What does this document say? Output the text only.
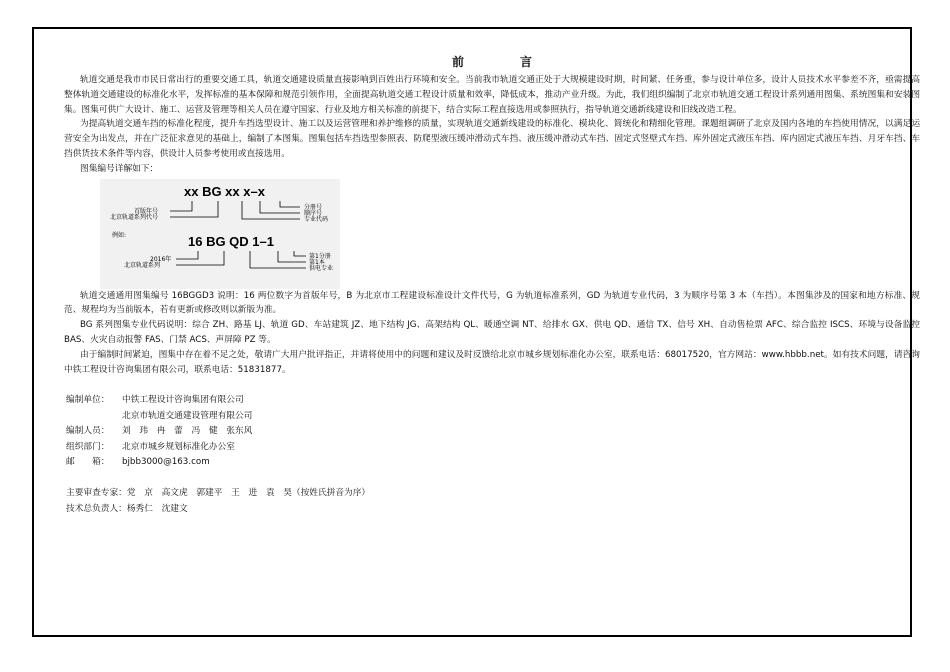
前　言

轨道交通是我市市民日常出行的重要交通工具，轨道交通建设质量直接影响到百姓出行环境和安全。当前我市轨道交通正处于大规模建设时期，时间紧、任务重，参与设计单位多，设计人员技术水平参差不齐，亟需提高整体轨道交通建设的标准化水平，发挥标准的基本保障和规范引领作用，全面提高轨道交通工程设计质量和效率，降低成本，推动产业升级。为此，我们组织编制了北京市轨道交通工程设计系列通用图集、系统图集和安装图集。图集可供广大设计、施工、运营及管理等相关人员在遵守国家、行业及地方相关标准的前提下，结合实际工程直接选用或参照执行，指导轨道交通新线建设和旧线改造工程。

为提高轨道交通车挡的标准化程度，提升车挡选型设计、施工以及运营管理和养护维修的质量，实现轨道交通新线建设的标准化、模块化、简统化和精细化管理。课题组调研了北京及国内各地的车挡使用情况，以满足运营安全为出发点，并在广泛征求意见的基础上，编制了本图集。图集包括车挡选型参照表、防爬型液压缓冲滑动式车挡、液压缓冲滑动式车挡、固定式竖壁式车挡、库外固定式液压车挡、库内固定式液压车挡、月牙车挡、车挡供货技术条件等内容，供设计人员参考使用或直接选用。

图集编号详解如下：

xx BG xx x–x
首版年号
北京轨道系列代号
分册号
顺序号
专业代码
例如:	16 BG QD 1–1
2016年
北京轨道系列
第1分册
第1本
供电专业

轨道交通通用图集编号 16BGGD3 说明：16 两位数字为首版年号，B 为北京市工程建设标准设计文件代号，G 为轨道标准系列，GD 为轨道专业代码，3 为顺序号第 3 本（车挡）。本图集涉及的国家和地方标准、规范、规程均为当前版本，若有更新或修改则以新版为准。

BG 系列图集专业代码说明：综合 ZH、路基 LJ、轨道 GD、车站建筑 JZ、地下结构 JG、高架结构 QL、暖通空调 NT、给排水 GX、供电 QD、通信 TX、信号 XH、自动售检票 AFC、综合监控 ISCS、环境与设备监控 BAS、火灾自动报警 FAS、门禁 ACS、声屏障 PZ 等。

由于编制时间紧迫，图集中存在着不足之处，敬请广大用户批评指正，并请将使用中的问题和建议及时反馈给北京市城乡规划标准化办公室，联系电话：68017520，官方网站：www.hbbb.net。如有技术问题，请咨询中铁工程设计咨询集团有限公司，联系电话：51831877。

编制单位： 中铁工程设计咨询集团有限公司

北京市轨道交通建设管理有限公司

编制人员： 刘　玮　冉　蕾　冯　健　张东风

组织部门： 北京市城乡规划标准化办公室

邮　　箱： bjbb3000@163.com

主要审查专家：党　京　高文虎　郭建平　王　进　袁　昊（按姓氏拼音为序）

技术总负责人：杨秀仁　沈建文
